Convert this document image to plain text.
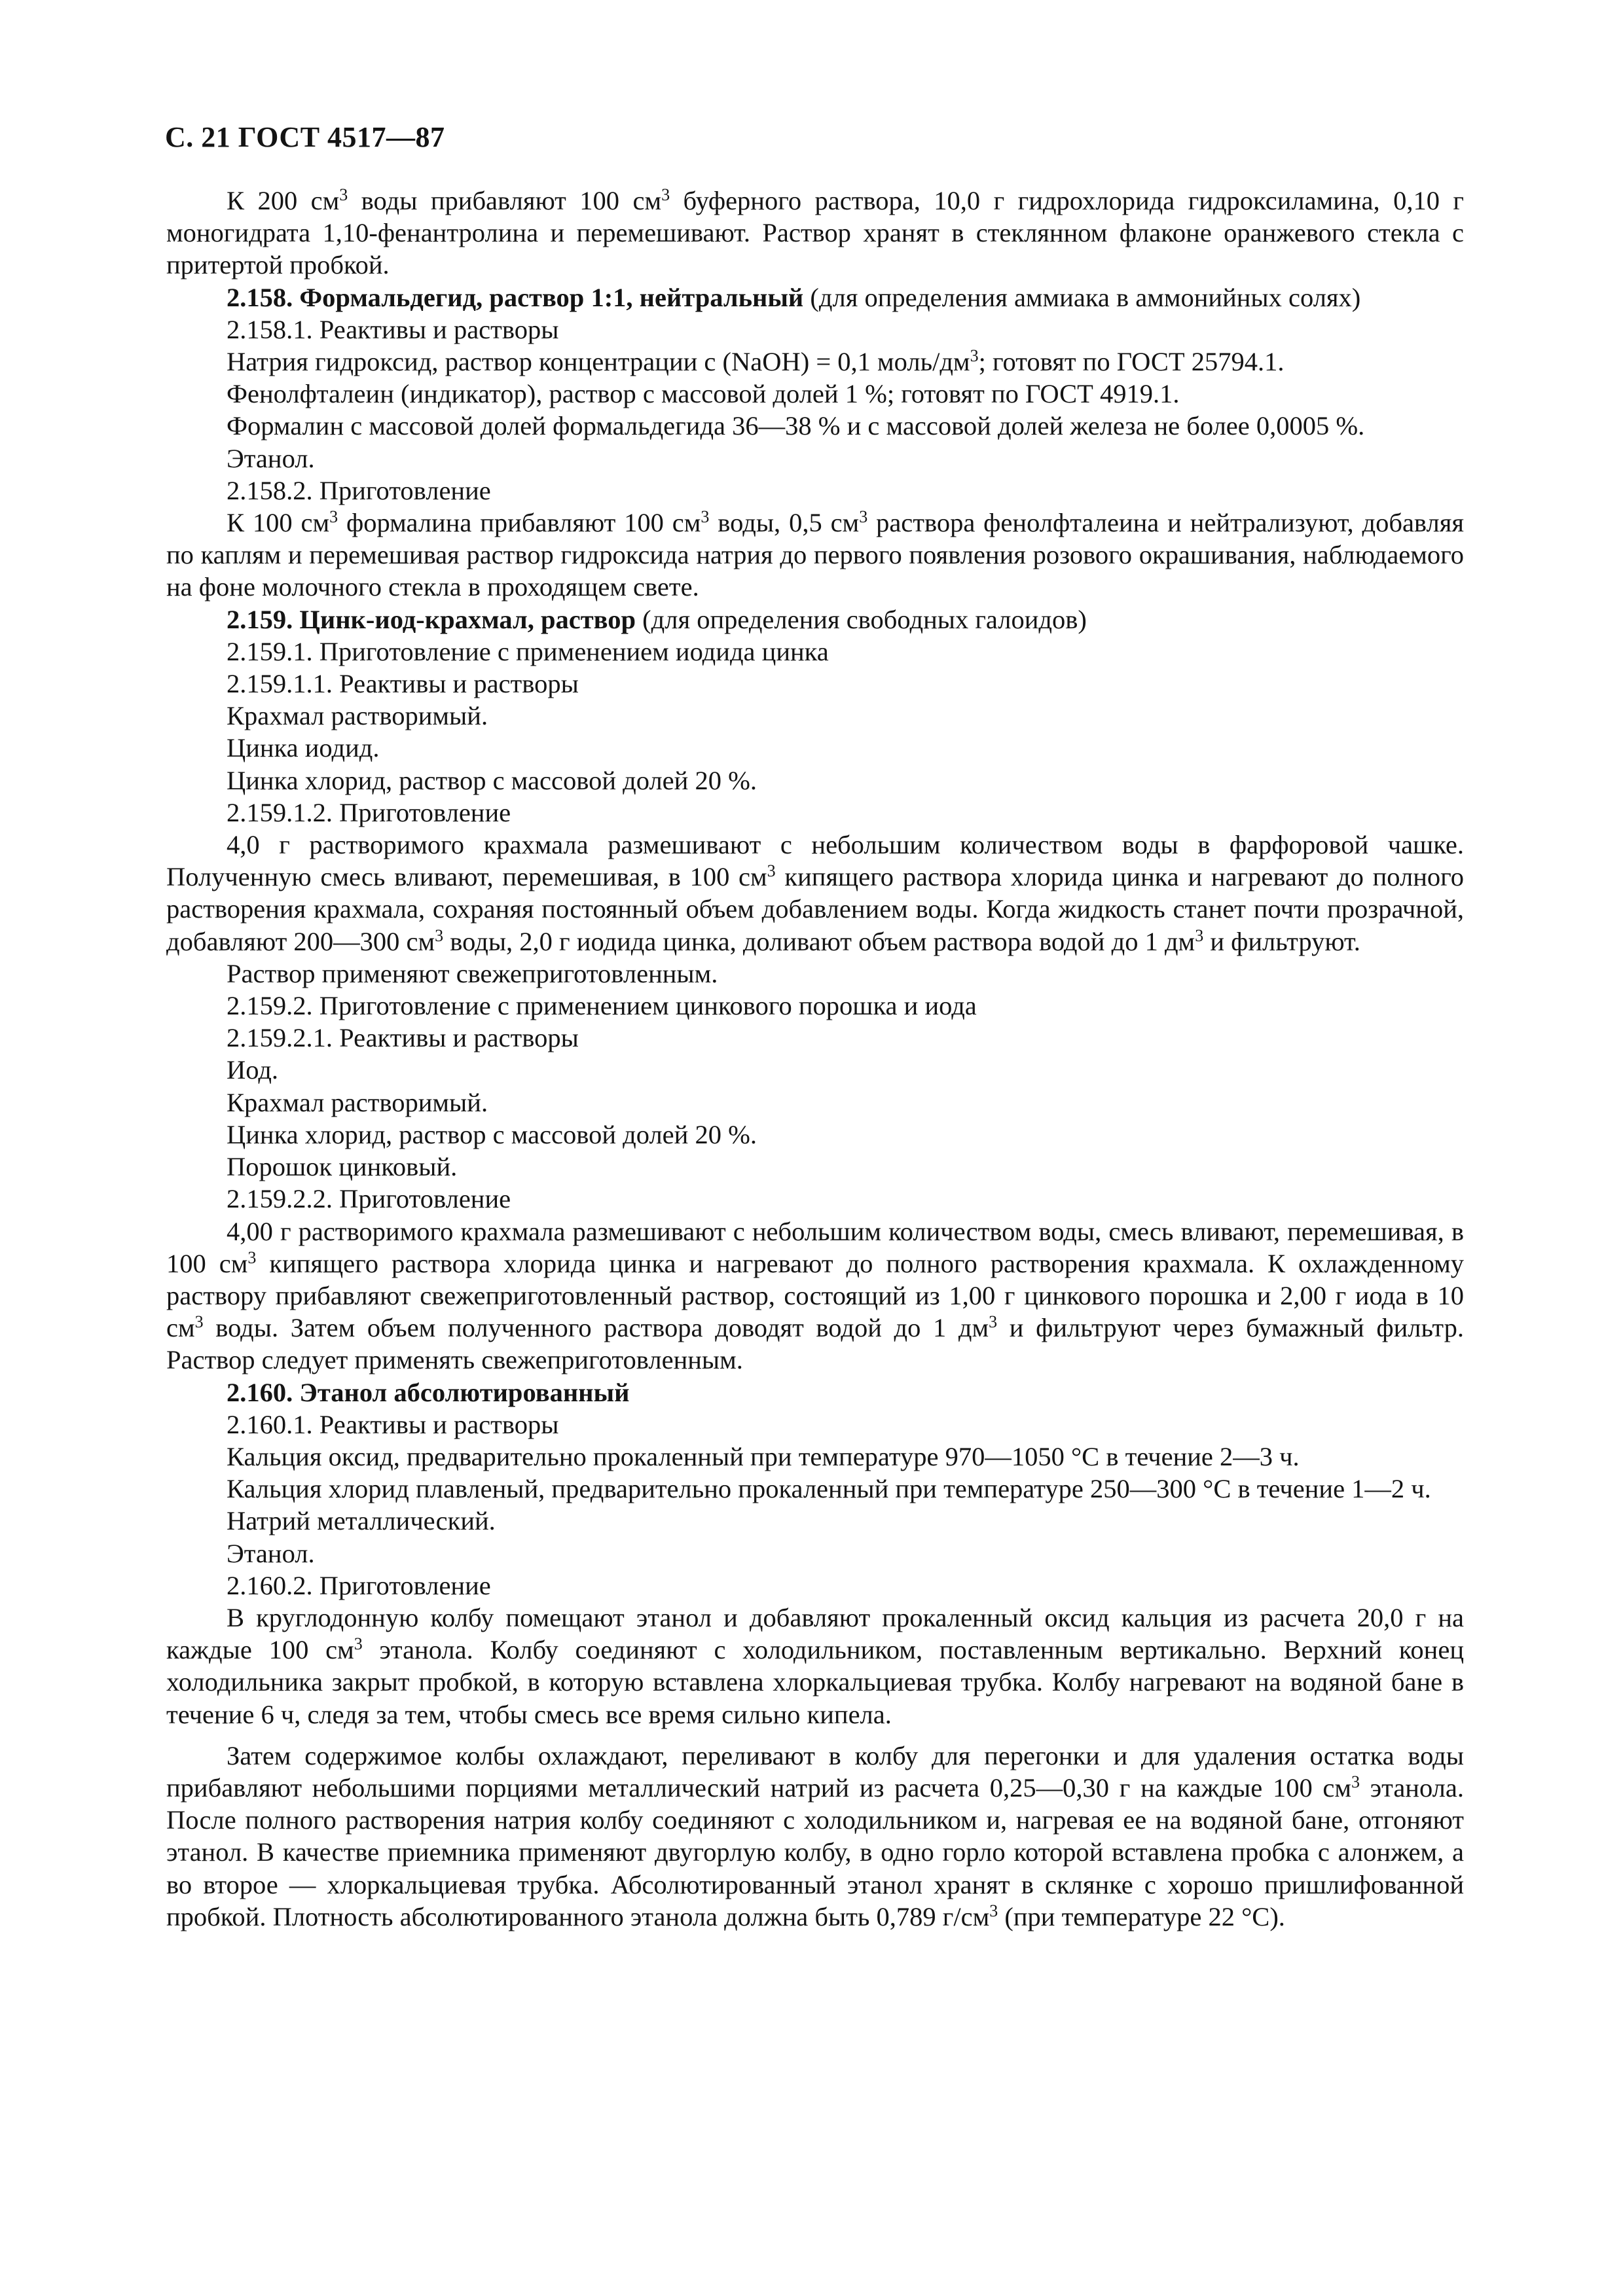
С. 21 ГОСТ 4517—87

К 200 $см^3$ воды прибавляют 100 $см^3$ буферного раствора, 10,0 г гидрохлорида гидроксиламина, 0,10 г моногидрата 1,10-фенантролина и перемешивают. Раствор хранят в стеклянном флаконе оранжевого стекла с притертой пробкой.

2.158. Формальдегид, раствор 1:1, нейтральный (для определения аммиака в аммонийных солях)

2.158.1. Реактивы и растворы

Натрия гидроксид, раствор концентрации c (NaOH) = 0,1 моль/$дм^3$; готовят по ГОСТ 25794.1.

Фенолфталеин (индикатор), раствор с массовой долей 1 %; готовят по ГОСТ 4919.1.

Формалин с массовой долей формальдегида 36—38 % и с массовой долей железа не более 0,0005 %.

Этанол.

2.158.2. Приготовление

К 100 $см^3$ формалина прибавляют 100 $см^3$ воды, 0,5 $см^3$ раствора фенолфталеина и нейтрализуют, добавляя по каплям и перемешивая раствор гидроксида натрия до первого появления розового окрашивания, наблюдаемого на фоне молочного стекла в проходящем свете.

2.159. Цинк-иод-крахмал, раствор (для определения свободных галоидов)

2.159.1. Приготовление с применением иодида цинка

2.159.1.1. Реактивы и растворы

Крахмал растворимый.

Цинка иодид.

Цинка хлорид, раствор с массовой долей 20 %.

2.159.1.2. Приготовление

4,0 г растворимого крахмала размешивают с небольшим количеством воды в фарфоровой чашке. Полученную смесь вливают, перемешивая, в 100 $см^3$ кипящего раствора хлорида цинка и нагревают до полного растворения крахмала, сохраняя постоянный объем добавлением воды. Когда жидкость станет почти прозрачной, добавляют 200—300 $см^3$ воды, 2,0 г иодида цинка, доливают объем раствора водой до 1 $дм^3$ и фильтруют.

Раствор применяют свежеприготовленным.

2.159.2. Приготовление с применением цинкового порошка и иода

2.159.2.1. Реактивы и растворы

Иод.

Крахмал растворимый.

Цинка хлорид, раствор с массовой долей 20 %.

Порошок цинковый.

2.159.2.2. Приготовление

4,00 г растворимого крахмала размешивают с небольшим количеством воды, смесь вливают, перемешивая, в 100 $см^3$ кипящего раствора хлорида цинка и нагревают до полного растворения крахмала. К охлажденному раствору прибавляют свежеприготовленный раствор, состоящий из 1,00 г цинкового порошка и 2,00 г иода в 10 $см^3$ воды. Затем объем полученного раствора доводят водой до 1 $дм^3$ и фильтруют через бумажный фильтр. Раствор следует применять свежеприготовленным.

2.160. Этанол абсолютированный

2.160.1. Реактивы и растворы

Кальция оксид, предварительно прокаленный при температуре 970—1050 °С в течение 2—3 ч.

Кальция хлорид плавленый, предварительно прокаленный при температуре 250—300 °С в течение 1—2 ч.

Натрий металлический.

Этанол.

2.160.2. Приготовление

В круглодонную колбу помещают этанол и добавляют прокаленный оксид кальция из расчета 20,0 г на каждые 100 $см^3$ этанола. Колбу соединяют с холодильником, поставленным вертикально. Верхний конец холодильника закрыт пробкой, в которую вставлена хлоркальциевая трубка. Колбу нагревают на водяной бане в течение 6 ч, следя за тем, чтобы смесь все время сильно кипела.

Затем содержимое колбы охлаждают, переливают в колбу для перегонки и для удаления остатка воды прибавляют небольшими порциями металлический натрий из расчета 0,25—0,30 г на каждые 100 $см^3$ этанола. После полного растворения натрия колбу соединяют с холодильником и, нагревая ее на водяной бане, отгоняют этанол. В качестве приемника применяют двугорлую колбу, в одно горло которой вставлена пробка с алонжем, а во второе — хлоркальциевая трубка. Абсолютированный этанол хранят в склянке с хорошо пришлифованной пробкой. Плотность абсолютированного этанола должна быть 0,789 $г/см^3$ (при температуре 22 °С).
